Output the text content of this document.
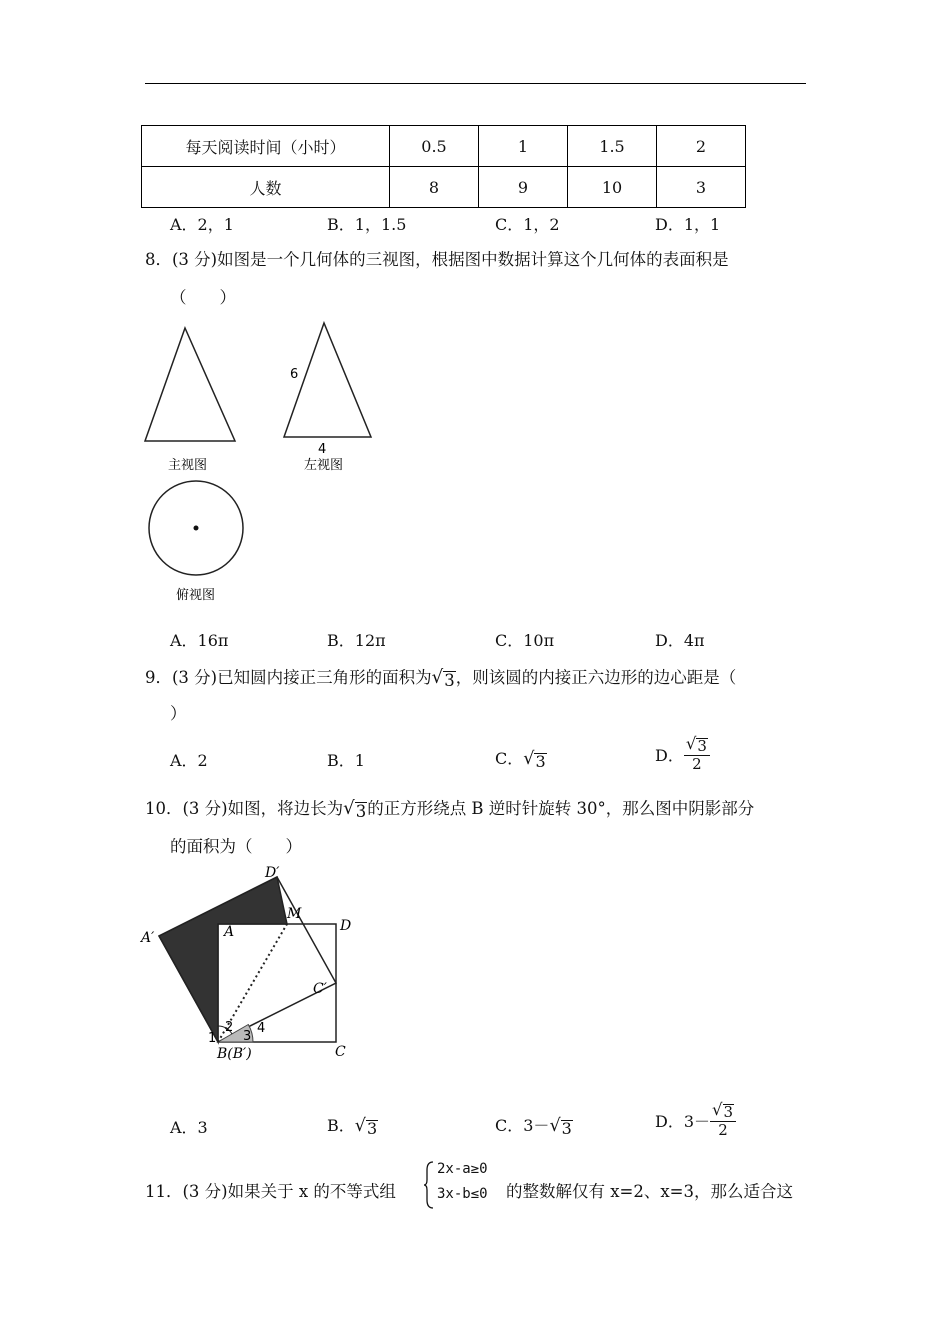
每天阅读时间（小时）	0.5	1	1.5	2
人数	8	9	10	3
A．2，1	B．1，1.5	C．1，2	D．1，1
8．(3 分)如图是一个几何体的三视图，根据图中数据计算这个几何体的表面积是
（　　）
6
4
主视图	左视图
俯视图
A．16π	B．12π	C．10π	D．4π
9．(3 分)已知圆内接正三角形的面积为 √ 3 ，则该圆的内接正六边形的边心距是（
）
A．2	B．1	C． √ 3	D． $\frac{√ 3}{2}$
10．(3 分)如图，将边长为 √ 3 的正方形绕点 B 逆时针旋转 30°，那么图中阴影部分
的面积为（　　）
D′
M
D
A′	A
C′
1
2
3
4
B(B′)	C
A．3	B． √ 3	C．3－ √ 3	D．$3- \frac{√ 3}{2}$
11．(3 分)如果关于 x 的不等式组
2x-a≥0
3x-b≤0 的整数解仅有 x=2、x=3，那么适合这
